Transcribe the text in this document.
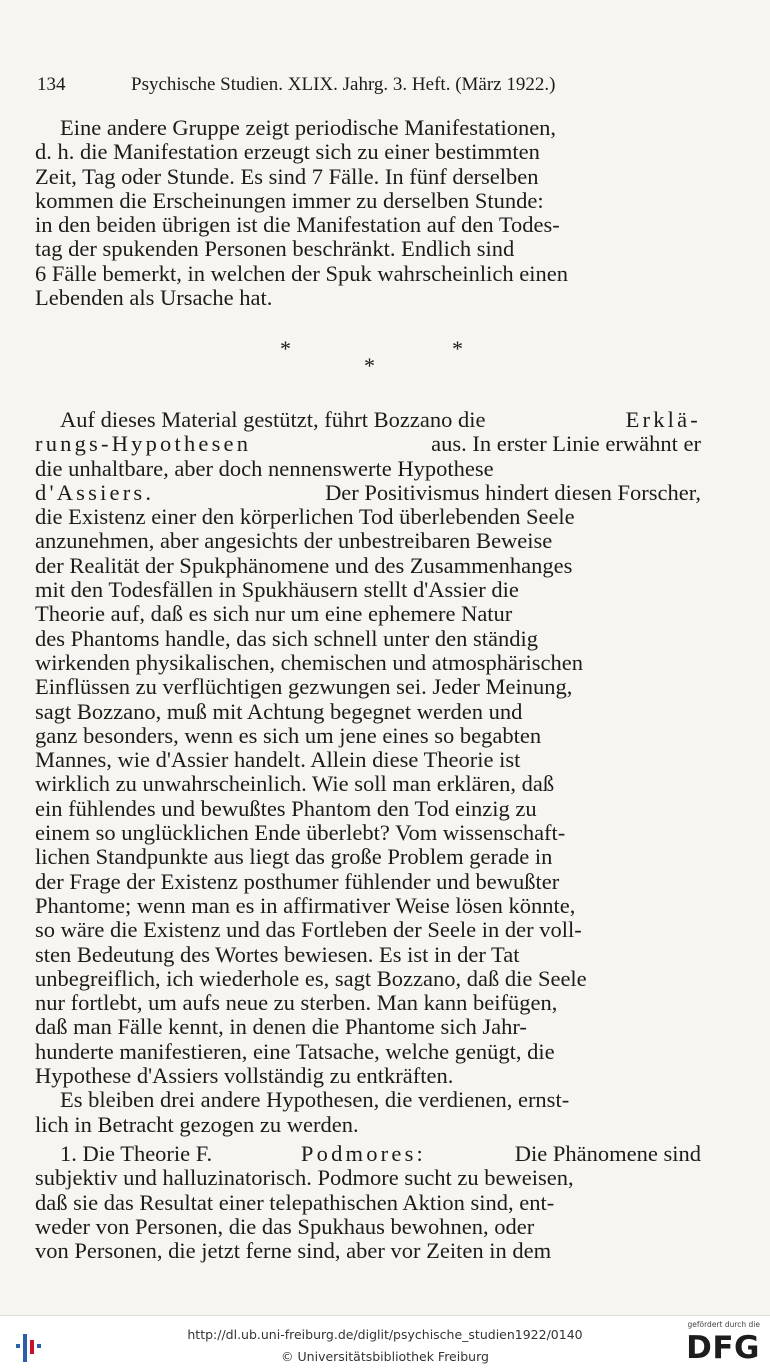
134	Psychische Studien. XLIX. Jahrg. 3. Heft. (März 1922.)
Eine andere Gruppe zeigt periodische Manifestationen,
d. h. die Manifestation erzeugt sich zu einer bestimmten
Zeit, Tag oder Stunde. Es sind 7 Fälle. In fünf derselben
kommen die Erscheinungen immer zu derselben Stunde:
in den beiden übrigen ist die Manifestation auf den Todes-
tag der spukenden Personen beschränkt. Endlich sind
6 Fälle bemerkt, in welchen der Spuk wahrscheinlich einen
Lebenden als Ursache hat.
*	*
*
Auf dieses Material gestützt, führt Bozzano die	Erklä-
rungs-Hypothesen	aus. In erster Linie erwähnt er
die unhaltbare, aber doch nennenswerte Hypothese
d'Assiers.	Der Positivismus hindert diesen Forscher,
die Existenz einer den körperlichen Tod überlebenden Seele
anzunehmen, aber angesichts der unbestreibaren Beweise
der Realität der Spukphänomene und des Zusammenhanges
mit den Todesfällen in Spukhäusern stellt d'Assier die
Theorie auf, daß es sich nur um eine ephemere Natur
des Phantoms handle, das sich schnell unter den ständig
wirkenden physikalischen, chemischen und atmosphärischen
Einflüssen zu verflüchtigen gezwungen sei. Jeder Meinung,
sagt Bozzano, muß mit Achtung begegnet werden und
ganz besonders, wenn es sich um jene eines so begabten
Mannes, wie d'Assier handelt. Allein diese Theorie ist
wirklich zu unwahrscheinlich. Wie soll man erklären, daß
ein fühlendes und bewußtes Phantom den Tod einzig zu
einem so unglücklichen Ende überlebt? Vom wissenschaft-
lichen Standpunkte aus liegt das große Problem gerade in
der Frage der Existenz posthumer fühlender und bewußter
Phantome; wenn man es in affirmativer Weise lösen könnte,
so wäre die Existenz und das Fortleben der Seele in der voll-
sten Bedeutung des Wortes bewiesen. Es ist in der Tat
unbegreiflich, ich wiederhole es, sagt Bozzano, daß die Seele
nur fortlebt, um aufs neue zu sterben. Man kann beifügen,
daß man Fälle kennt, in denen die Phantome sich Jahr-
hunderte manifestieren, eine Tatsache, welche genügt, die
Hypothese d'Assiers vollständig zu entkräften.
Es bleiben drei andere Hypothesen, die verdienen, ernst-
lich in Betracht gezogen zu werden.
1. Die Theorie F.	Podmores:	Die Phänomene sind
subjektiv und halluzinatorisch. Podmore sucht zu beweisen,
daß sie das Resultat einer telepathischen Aktion sind, ent-
weder von Personen, die das Spukhaus bewohnen, oder
von Personen, die jetzt ferne sind, aber vor Zeiten in dem
http://dl.ub.uni-freiburg.de/diglit/psychische_studien1922/0140
© Universitätsbibliothek Freiburg
gefördert durch die
DFG
